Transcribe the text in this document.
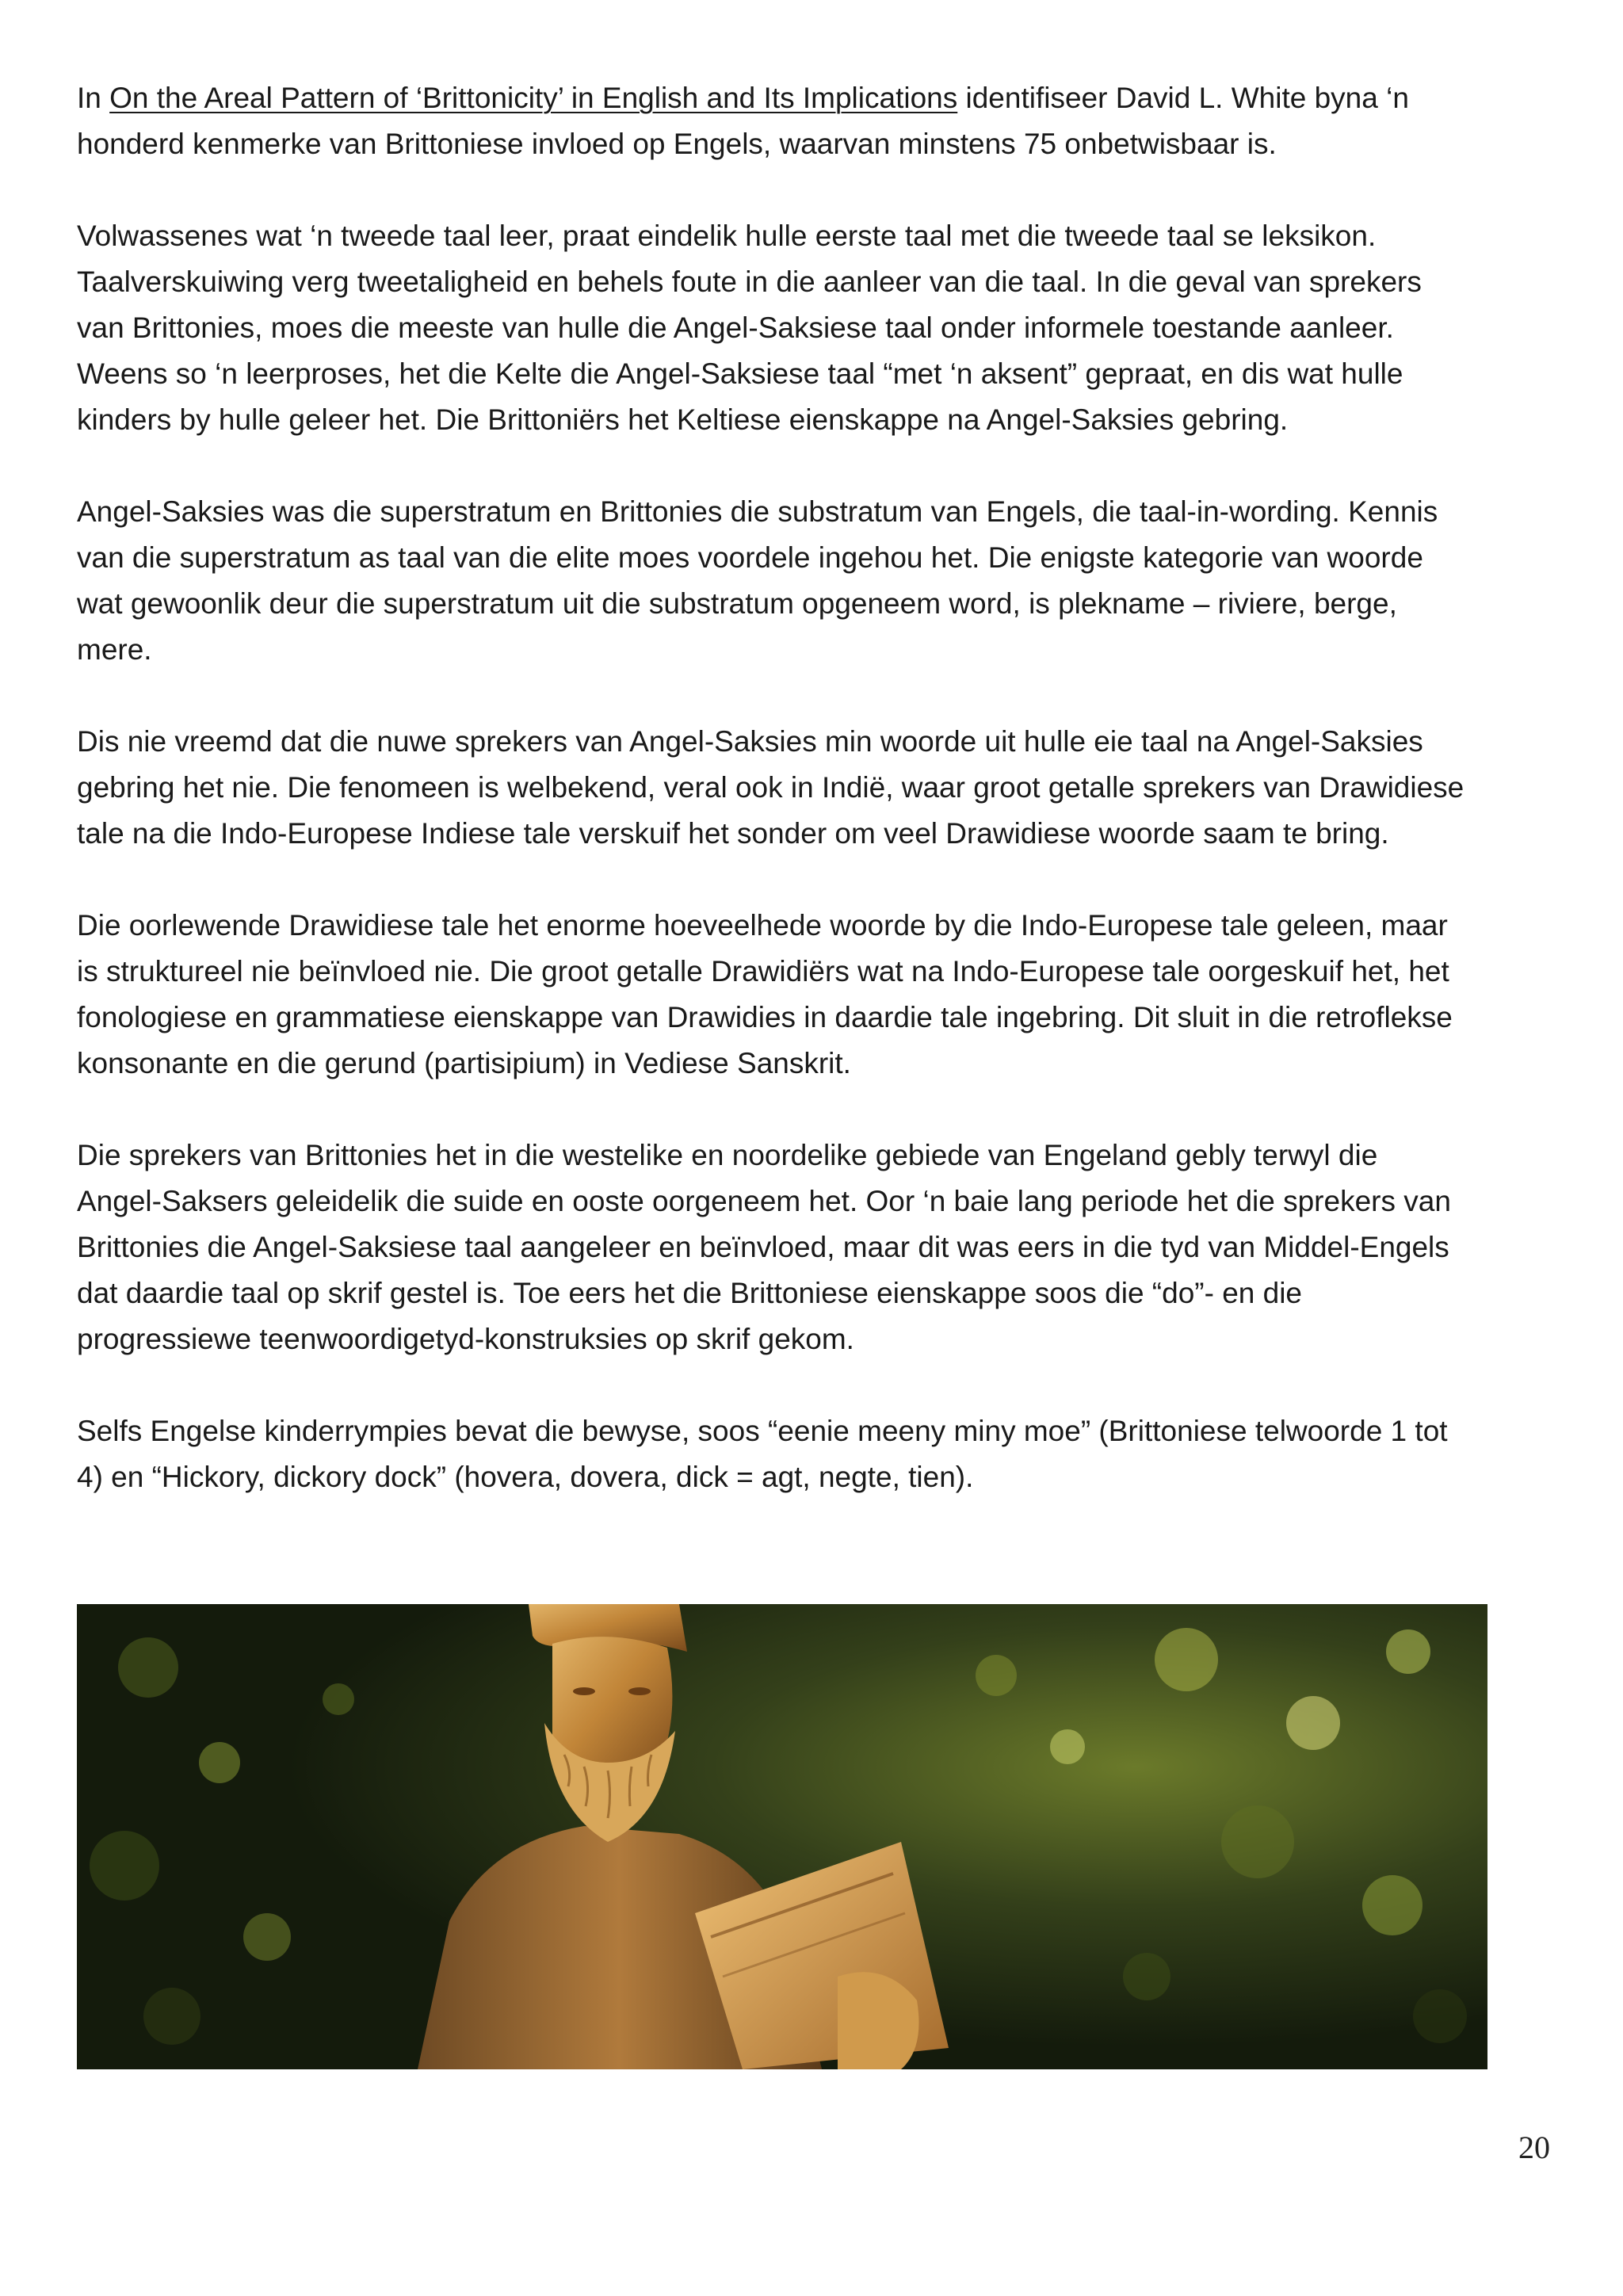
In On the Areal Pattern of ‘Brittonicity’ in English and Its Implications identifiseer David L. White byna ‘n
honderd kenmerke van Brittoniese invloed op Engels, waarvan minstens 75 onbetwisbaar is.

Volwassenes wat ‘n tweede taal leer, praat eindelik hulle eerste taal met die tweede taal se leksikon.
Taalverskuiwing verg tweetaligheid en behels foute in die aanleer van die taal. In die geval van sprekers
van Brittonies, moes die meeste van hulle die Angel-Saksiese taal onder informele toestande aanleer.
Weens so ‘n leerproses, het die Kelte die Angel-Saksiese taal “met ‘n aksent” gepraat, en dis wat hulle
kinders by hulle geleer het. Die Brittoniërs het Keltiese eienskappe na Angel-Saksies gebring.

Angel-Saksies was die superstratum en Brittonies die substratum van Engels, die taal-in-wording. Kennis
van die superstratum as taal van die elite moes voordele ingehou het. Die enigste kategorie van woorde
wat gewoonlik deur die superstratum uit die substratum opgeneem word, is plekname – riviere, berge,
mere.

Dis nie vreemd dat die nuwe sprekers van Angel-Saksies min woorde uit hulle eie taal na Angel-Saksies
gebring het nie. Die fenomeen is welbekend, veral ook in Indië, waar groot getalle sprekers van Drawidiese
tale na die Indo-Europese Indiese tale verskuif het sonder om veel Drawidiese woorde saam te bring.

Die oorlewende Drawidiese tale het enorme hoeveelhede woorde by die Indo-Europese tale geleen, maar
is struktureel nie beïnvloed nie. Die groot getalle Drawidiërs wat na Indo-Europese tale oorgeskuif het, het
fonologiese en grammatiese eienskappe van Drawidies in daardie tale ingebring. Dit sluit in die retroflekse
konsonante en die gerund (partisipium) in Vediese Sanskrit.

Die sprekers van Brittonies het in die westelike en noordelike gebiede van Engeland gebly terwyl die
Angel-Saksers geleidelik die suide en ooste oorgeneem het. Oor ‘n baie lang periode het die sprekers van
Brittonies die Angel-Saksiese taal aangeleer en beïnvloed, maar dit was eers in die tyd van Middel-Engels
dat daardie taal op skrif gestel is. Toe eers het die Brittoniese eienskappe soos die “do”- en die
progressiewe teenwoordigetyd-konstruksies op skrif gekom.

Selfs Engelse kinderrympies bevat die bewyse, soos “eenie meeny miny moe” (Brittoniese telwoorde 1 tot
4) en “Hickory, dickory dock” (hovera, dovera, dick = agt, negte, tien).

20
